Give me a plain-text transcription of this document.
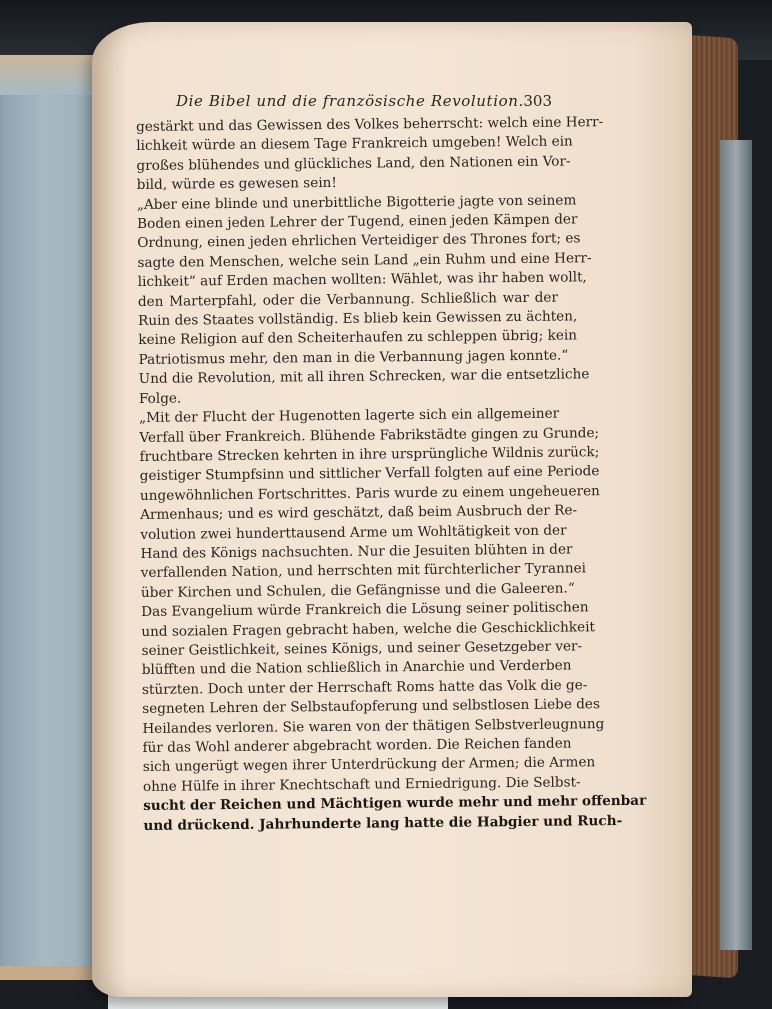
Die Bibel und die französische Revolution. 303
gestärkt und das Gewissen des Volkes beherrscht: welch eine Herr-
lichkeit würde an diesem Tage Frankreich umgeben! Welch ein
großes blühendes und glückliches Land, den Nationen ein Vor-
bild, würde es gewesen sein!
„Aber eine blinde und unerbittliche Bigotterie jagte von seinem
Boden einen jeden Lehrer der Tugend, einen jeden Kämpen der
Ordnung, einen jeden ehrlichen Verteidiger des Thrones fort; es
sagte den Menschen, welche sein Land „ein Ruhm und eine Herr-
lichkeit“ auf Erden machen wollten: Wählet, was ihr haben wollt,
den Marterpfahl, oder die Verbannung. Schließlich war der
Ruin des Staates vollständig. Es blieb kein Gewissen zu ächten,
keine Religion auf den Scheiterhaufen zu schleppen übrig; kein
Patriotismus mehr, den man in die Verbannung jagen konnte.“
Und die Revolution, mit all ihren Schrecken, war die entsetzliche
Folge.
„Mit der Flucht der Hugenotten lagerte sich ein allgemeiner
Verfall über Frankreich. Blühende Fabrikstädte gingen zu Grunde;
fruchtbare Strecken kehrten in ihre ursprüngliche Wildnis zurück;
geistiger Stumpfsinn und sittlicher Verfall folgten auf eine Periode
ungewöhnlichen Fortschrittes. Paris wurde zu einem ungeheueren
Armenhaus; und es wird geschätzt, daß beim Ausbruch der Re-
volution zwei hunderttausend Arme um Wohltätigkeit von der
Hand des Königs nachsuchten. Nur die Jesuiten blühten in der
verfallenden Nation, und herrschten mit fürchterlicher Tyrannei
über Kirchen und Schulen, die Gefängnisse und die Galeeren.“
Das Evangelium würde Frankreich die Lösung seiner politischen
und sozialen Fragen gebracht haben, welche die Geschicklichkeit
seiner Geistlichkeit, seines Königs, und seiner Gesetzgeber ver-
blüfften und die Nation schließlich in Anarchie und Verderben
stürzten. Doch unter der Herrschaft Roms hatte das Volk die ge-
segneten Lehren der Selbstaufopferung und selbstlosen Liebe des
Heilandes verloren. Sie waren von der thätigen Selbstverleugnung
für das Wohl anderer abgebracht worden. Die Reichen fanden
sich ungerügt wegen ihrer Unterdrückung der Armen; die Armen
ohne Hülfe in ihrer Knechtschaft und Erniedrigung. Die Selbst-
sucht der Reichen und Mächtigen wurde mehr und mehr offenbar
und drückend. Jahrhunderte lang hatte die Habgier und Ruch-
